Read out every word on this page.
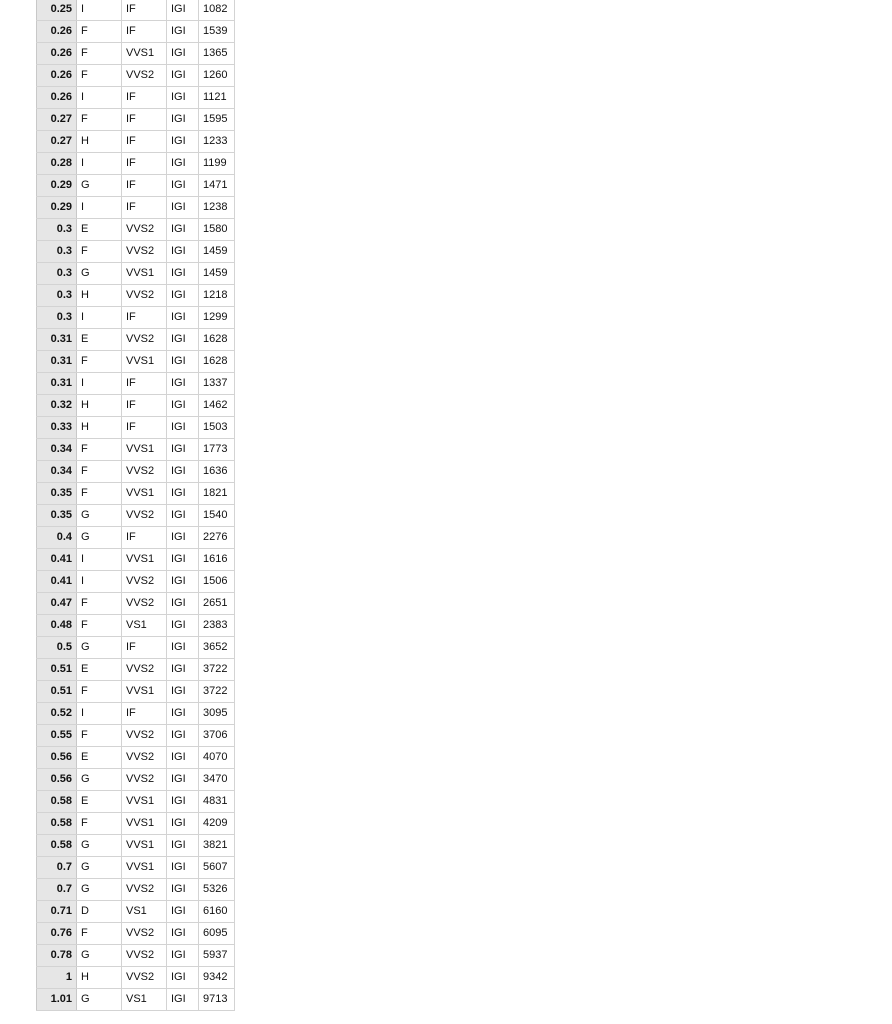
0.25	I	IF	IGI	1082
0.26	F	IF	IGI	1539
0.26	F	VVS1	IGI	1365
0.26	F	VVS2	IGI	1260
0.26	I	IF	IGI	1121
0.27	F	IF	IGI	1595
0.27	H	IF	IGI	1233
0.28	I	IF	IGI	1199
0.29	G	IF	IGI	1471
0.29	I	IF	IGI	1238
0.3	E	VVS2	IGI	1580
0.3	F	VVS2	IGI	1459
0.3	G	VVS1	IGI	1459
0.3	H	VVS2	IGI	1218
0.3	I	IF	IGI	1299
0.31	E	VVS2	IGI	1628
0.31	F	VVS1	IGI	1628
0.31	I	IF	IGI	1337
0.32	H	IF	IGI	1462
0.33	H	IF	IGI	1503
0.34	F	VVS1	IGI	1773
0.34	F	VVS2	IGI	1636
0.35	F	VVS1	IGI	1821
0.35	G	VVS2	IGI	1540
0.4	G	IF	IGI	2276
0.41	I	VVS1	IGI	1616
0.41	I	VVS2	IGI	1506
0.47	F	VVS2	IGI	2651
0.48	F	VS1	IGI	2383
0.5	G	IF	IGI	3652
0.51	E	VVS2	IGI	3722
0.51	F	VVS1	IGI	3722
0.52	I	IF	IGI	3095
0.55	F	VVS2	IGI	3706
0.56	E	VVS2	IGI	4070
0.56	G	VVS2	IGI	3470
0.58	E	VVS1	IGI	4831
0.58	F	VVS1	IGI	4209
0.58	G	VVS1	IGI	3821
0.7	G	VVS1	IGI	5607
0.7	G	VVS2	IGI	5326
0.71	D	VS1	IGI	6160
0.76	F	VVS2	IGI	6095
0.78	G	VVS2	IGI	5937
1	H	VVS2	IGI	9342
1.01	G	VS1	IGI	9713
